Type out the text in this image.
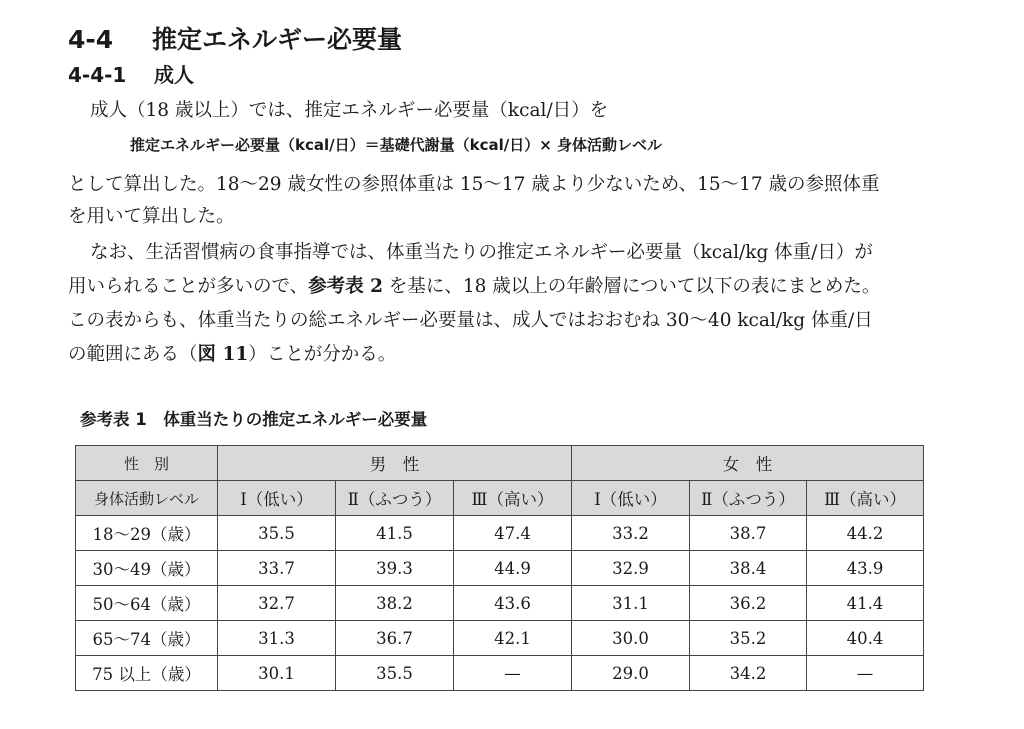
4-4 推定エネルギー必要量
4-4-1 成人
成人（18 歳以上）では、推定エネルギー必要量（kcal/日）を
推定エネルギー必要量（kcal/日）＝基礎代謝量（kcal/日）× 身体活動レベル
として算出した。18～29 歳女性の参照体重は 15～17 歳より少ないため、15～17 歳の参照体重
を用いて算出した。
なお、生活習慣病の食事指導では、体重当たりの推定エネルギー必要量（kcal/kg 体重/日）が
用いられることが多いので、参考表 2 を基に、18 歳以上の年齢層について以下の表にまとめた。
この表からも、体重当たりの総エネルギー必要量は、成人ではおおむね 30～40 kcal/kg 体重/日
の範囲にある（図 11）ことが分かる。
参考表 1　体重当たりの推定エネルギー必要量
性　別	男　性			女　性		
身体活動レベル	Ⅰ（低い）	Ⅱ（ふつう）	Ⅲ（高い）	Ⅰ（低い）	Ⅱ（ふつう）	Ⅲ（高い）
18～29（歳）	35.5	41.5	47.4	33.2	38.7	44.2
30～49（歳）	33.7	39.3	44.9	32.9	38.4	43.9
50～64（歳）	32.7	38.2	43.6	31.1	36.2	41.4
65～74（歳）	31.3	36.7	42.1	30.0	35.2	40.4
75 以上（歳）	30.1	35.5	—	29.0	34.2	—
